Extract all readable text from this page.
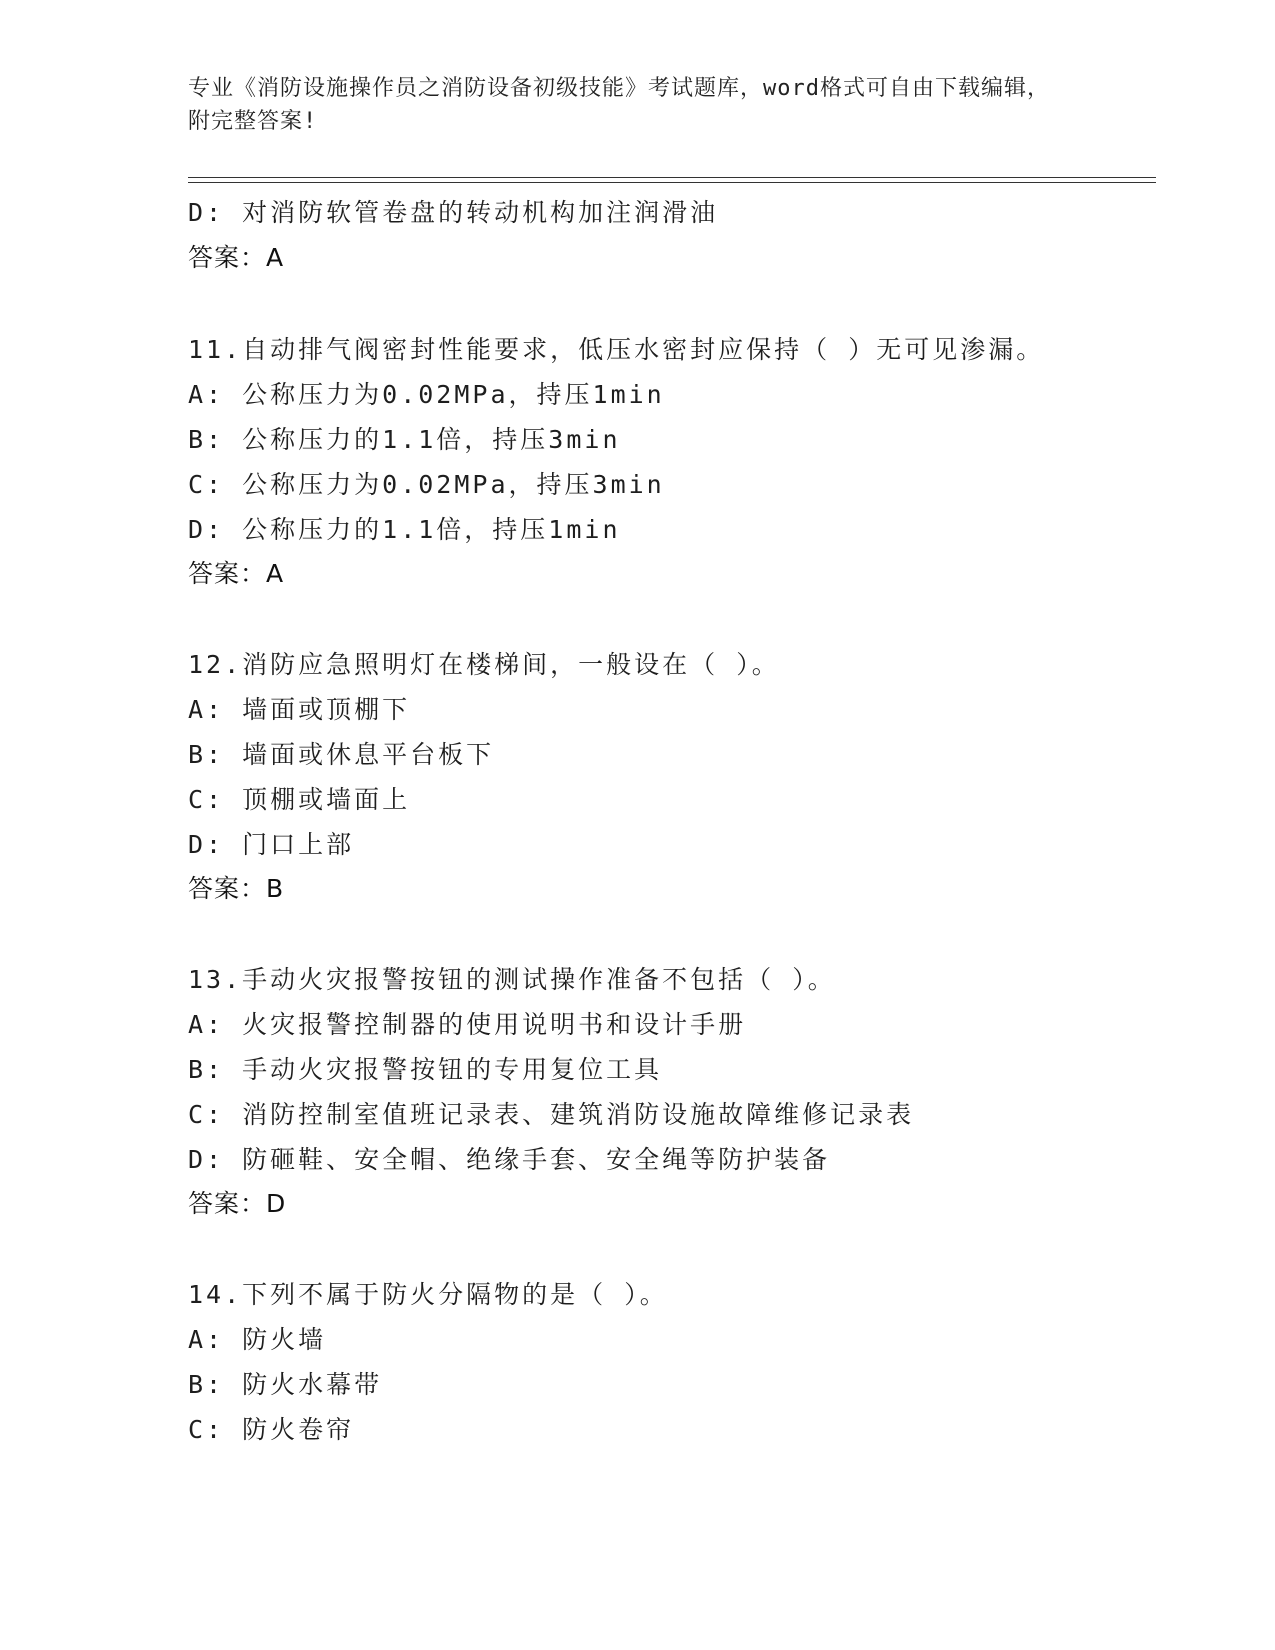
专业《消防设施操作员之消防设备初级技能》考试题库，word格式可自由下载编辑，附完整答案!
D: 对消防软管卷盘的转动机构加注润滑油
答案：A
11.自动排气阀密封性能要求，低压水密封应保持（ ）无可见渗漏。
A: 公称压力为0.02MPa，持压1min
B: 公称压力的1.1倍，持压3min
C: 公称压力为0.02MPa，持压3min
D: 公称压力的1.1倍，持压1min
答案：A
12.消防应急照明灯在楼梯间，一般设在（ ）。
A: 墙面或顶棚下
B: 墙面或休息平台板下
C: 顶棚或墙面上
D: 门口上部
答案：B
13.手动火灾报警按钮的测试操作准备不包括（ ）。
A: 火灾报警控制器的使用说明书和设计手册
B: 手动火灾报警按钮的专用复位工具
C: 消防控制室值班记录表、建筑消防设施故障维修记录表
D: 防砸鞋、安全帽、绝缘手套、安全绳等防护装备
答案：D
14.下列不属于防火分隔物的是（ ）。
A: 防火墙
B: 防火水幕带
C: 防火卷帘
